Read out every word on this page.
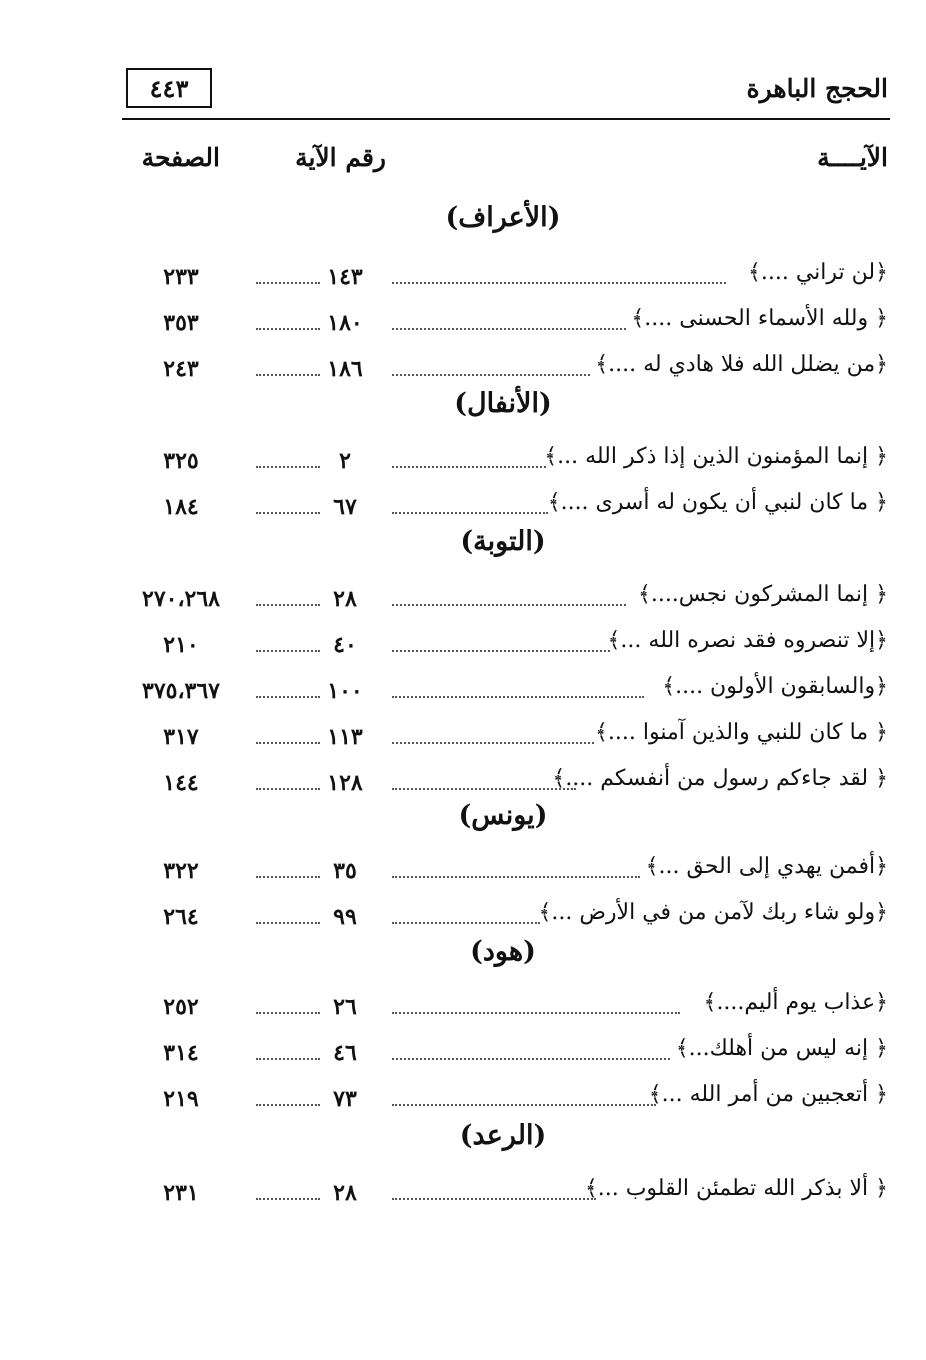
٤٤٣	الحجج الباهرة
الآيــــة
رقم الآية
الصفحة
(الأعراف)
﴿لن تراني ....﴾
١٤٣
٢٣٣
﴿ ولله الأسماء الحسنى ....﴾
١٨٠
٣٥٣
﴿من يضلل الله فلا هادي له ....﴾
١٨٦
٢٤٣
(الأنفال)
﴿ إنما المؤمنون الذين إذا ذكر الله ...﴾
٢
٣٢٥
﴿ ما كان لنبي أن يكون له أسرى ....﴾
٦٧
١٨٤
(التوبة)
﴿ إنما المشركون نجس....﴾
٢٨
٢٧٠،٢٦٨
﴿إلا تنصروه فقد نصره الله ...﴾
٤٠
٢١٠
﴿والسابقون الأولون ....﴾
١٠٠
٣٧٥،٣٦٧
﴿ ما كان للنبي والذين آمنوا ....﴾
١١٣
٣١٧
﴿ لقد جاءكم رسول من أنفسكم ....﴾
١٢٨
١٤٤
(يونس)
﴿أفمن يهدي إلى الحق ...﴾
٣٥
٣٢٢
﴿ولو شاء ربك لآمن من في الأرض ...﴾
٩٩
٢٦٤
(هود)
﴿عذاب يوم أليم....﴾
٢٦
٢٥٢
﴿ إنه ليس من أهلك...﴾
٤٦
٣١٤
﴿ أتعجبين من أمر الله ...﴾
٧٣
٢١٩
(الرعد)
﴿ ألا بذكر الله تطمئن القلوب ...﴾
٢٨
٢٣١
